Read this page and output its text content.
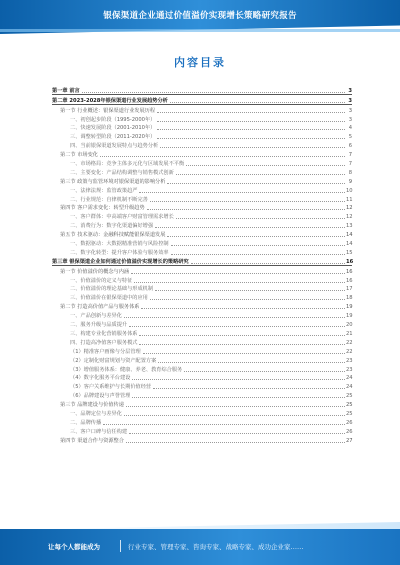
银保渠道企业通过价值溢价实现增长策略研究报告
内容目录
第一章 前言	3
第二章 2023-2028年银保渠道行业发展趋势分析	3
第一节 行业概述：银保渠道行业发展历程	3
一、初创起步阶段（1995-2000年）	3
二、快速发展阶段（2001-2010年）	4
三、调整转型阶段（2011-2020年）	5
四、当前银保渠道发展特点与趋势分析	6
第二节 市场变化	7
一、市场格局：竞争主体多元化与区域发展不平衡	7
二、主要变化：产品结构调整与销售模式创新	8
第三节 政策与监管环境对银保渠道的影响分析	9
一、法律法规：监管政策趋严	10
二、行业规范：自律机制不断完善	11
第四节 客户需求变化：转型升级趋势	12
一、客户群体：中高端客户财富管理需求增长	12
二、消费行为：数字化渠道偏好增强	13
第五节 技术驱动：金融科技赋能银保渠道发展	14
一、数据驱动：大数据精准营销与风险控制	14
二、数字化转型：提升客户体验与服务效率	15
第三章 银保渠道企业如何通过价值溢价实现增长的策略研究	16
第一节 价值溢价的概念与内涵	16
一、价值溢价的定义与特征	16
二、价值溢价的理论基础与形成机制	17
三、价值溢价在银保渠道中的应用	18
第二节 打造高价值产品与服务体系	19
一、产品创新与差异化	19
二、服务升级与品质提升	20
三、构建专业化营销服务体系	21
四、打造高净值客户服务模式	22
（1）精准客户画像与分层管理	22
（2）定制化财富规划与资产配置方案	23
（3）增值服务体系：健康、养老、教育综合服务	23
（4）数字化服务平台建设	24
（5）客户关系维护与长期价值经营	24
（6）品牌建设与声誉管理	25
第三节 品牌建设与价值传递	25
一、品牌定位与差异化	25
二、品牌传播	26
三、客户口碑与信任构建	26
第四节 渠道合作与资源整合	27
让每个人都能成为	行业专家、管理专家、咨询专家、战略专家、成功企业家……
